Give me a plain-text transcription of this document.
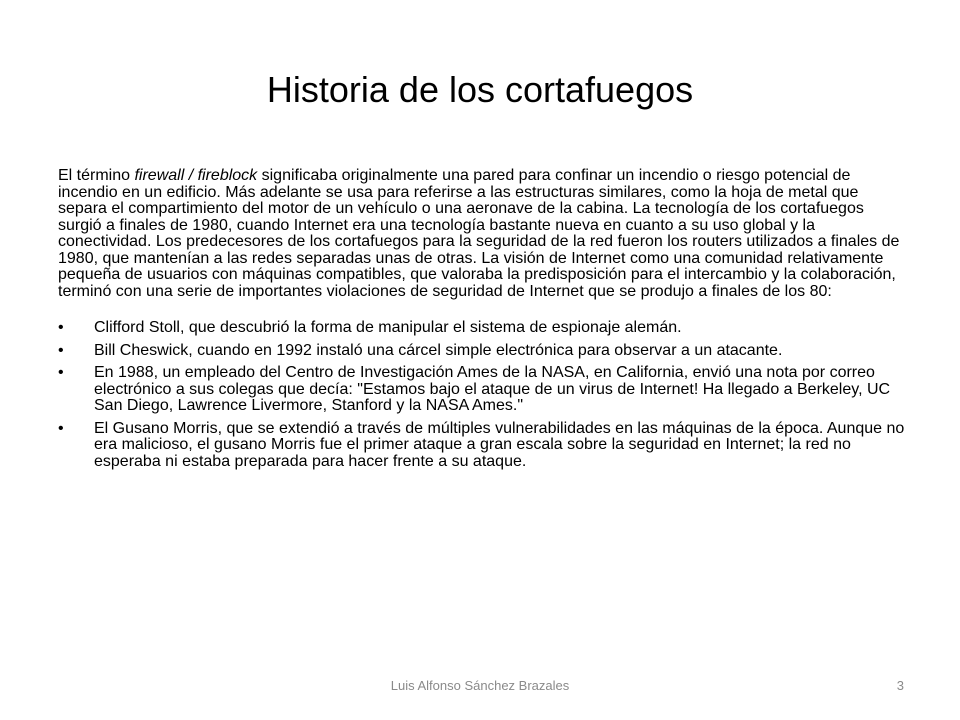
Historia de los cortafuegos

El término firewall / fireblock significaba originalmente una pared para confinar un incendio o riesgo potencial de incendio en un edificio. Más adelante se usa para referirse a las estructuras similares, como la hoja de metal que separa el compartimiento del motor de un vehículo o una aeronave de la cabina. La tecnología de los cortafuegos surgió a finales de 1980, cuando Internet era una tecnología bastante nueva en cuanto a su uso global y la conectividad. Los predecesores de los cortafuegos para la seguridad de la red fueron los routers utilizados a finales de 1980, que mantenían a las redes separadas unas de otras. La visión de Internet como una comunidad relativamente pequeña de usuarios con máquinas compatibles, que valoraba la predisposición para el intercambio y la colaboración, terminó con una serie de importantes violaciones de seguridad de Internet que se produjo a finales de los 80:

• Clifford Stoll, que descubrió la forma de manipular el sistema de espionaje alemán.
• Bill Cheswick, cuando en 1992 instaló una cárcel simple electrónica para observar a un atacante.
• En 1988, un empleado del Centro de Investigación Ames de la NASA, en California, envió una nota por correo electrónico a sus colegas que decía: "Estamos bajo el ataque de un virus de Internet! Ha llegado a Berkeley, UC San Diego, Lawrence Livermore, Stanford y la NASA Ames."
• El Gusano Morris, que se extendió a través de múltiples vulnerabilidades en las máquinas de la época. Aunque no era malicioso, el gusano Morris fue el primer ataque a gran escala sobre la seguridad en Internet; la red no esperaba ni estaba preparada para hacer frente a su ataque.
Luis Alfonso Sánchez Brazales	3
